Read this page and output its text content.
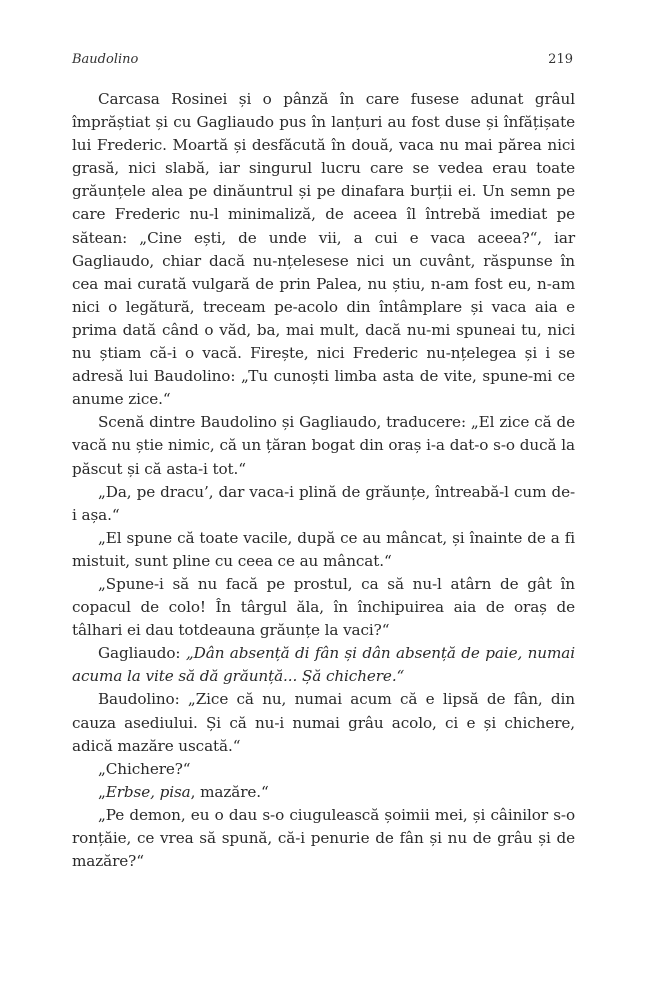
Baudolino	219

Carcasa Rosinei și o pânză în care fusese adunat grâul împrăștiat și cu Gagliaudo pus în lanțuri au fost duse și înfățișate lui Frederic. Moartă și desfăcută în două, vaca nu mai părea nici grasă, nici slabă, iar singurul lucru care se vedea erau toate grăunțele alea pe dinăuntrul și pe dinafara burții ei. Un semn pe care Frederic nu-l minimaliză, de aceea îl întrebă imediat pe sătean: „Cine ești, de unde vii, a cui e vaca aceea?“, iar Gagliaudo, chiar dacă nu-nțelesese nici un cuvânt, răspunse în cea mai curată vulgară de prin Palea, nu știu, n-am fost eu, n-am nici o legătură, treceam pe-acolo din întâmplare și vaca aia e prima dată când o văd, ba, mai mult, dacă nu-mi spuneai tu, nici nu știam că-i o vacă. Firește, nici Frederic nu-nțelegea și i se adresă lui Baudolino: „Tu cunoști limba asta de vite, spune-mi ce anume zice.“

Scenă dintre Baudolino și Gagliaudo, traducere: „El zice că de vacă nu știe nimic, că un țăran bogat din oraș i-a dat-o s-o ducă la păscut și că asta-i tot.“

„Da, pe dracu’, dar vaca-i plină de grăunțe, întreabă-l cum de-i așa.“

„El spune că toate vacile, după ce au mâncat, și înainte de a fi mistuit, sunt pline cu ceea ce au mâncat.“

„Spune-i să nu facă pe prostul, ca să nu-l atârn de gât în copacul de colo! În târgul ăla, în închipuirea aia de oraș de tâlhari ei dau totdeauna grăunțe la vaci?“

Gagliaudo: „Dân absență di fân și dân absență de paie, numai acuma la vite să dă grăunță... Șă chichere.“

Baudolino: „Zice că nu, numai acum că e lipsă de fân, din cauza asediului. Și că nu-i numai grâu acolo, ci e și chichere, adică mazăre uscată.“

„Chichere?“

„Erbse, pisa, mazăre.“

„Pe demon, eu o dau s-o ciugulească șoimii mei, și câinilor s-o ronțăie, ce vrea să spună, că-i penurie de fân și nu de grâu și de mazăre?“
